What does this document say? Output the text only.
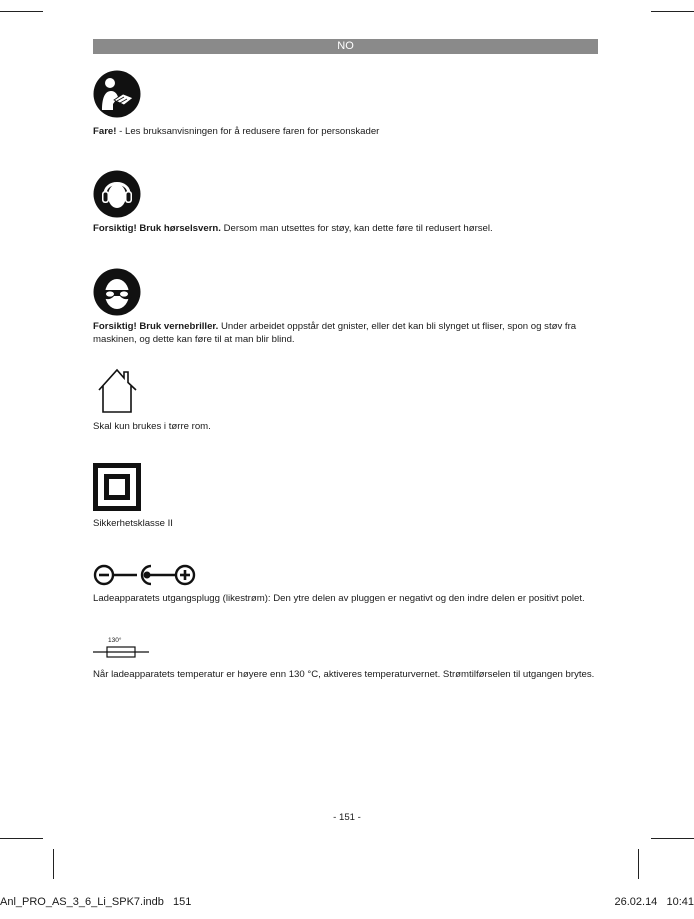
NO
Fare! - Les bruksanvisningen for å redusere faren for personskader
Forsiktig! Bruk hørselsvern. Dersom man utsettes for støy, kan dette føre til redusert hørsel.
Forsiktig! Bruk vernebriller. Under arbeidet oppstår det gnister, eller det kan bli slynget ut fliser, spon og støv fra maskinen, og dette kan føre til at man blir blind.
Skal kun brukes i tørre rom.
Sikkerhetsklasse II
Ladeapparatets utgangsplugg (likestrøm): Den ytre delen av pluggen er negativt og den indre delen er positivt polet.
130°
Når ladeapparatets temperatur er høyere enn 130 °C, aktiveres temperaturvernet. Strømtilførselen til utgangen brytes.
- 151 -
Anl_PRO_AS_3_6_Li_SPK7.indb   151	26.02.14   10:41
